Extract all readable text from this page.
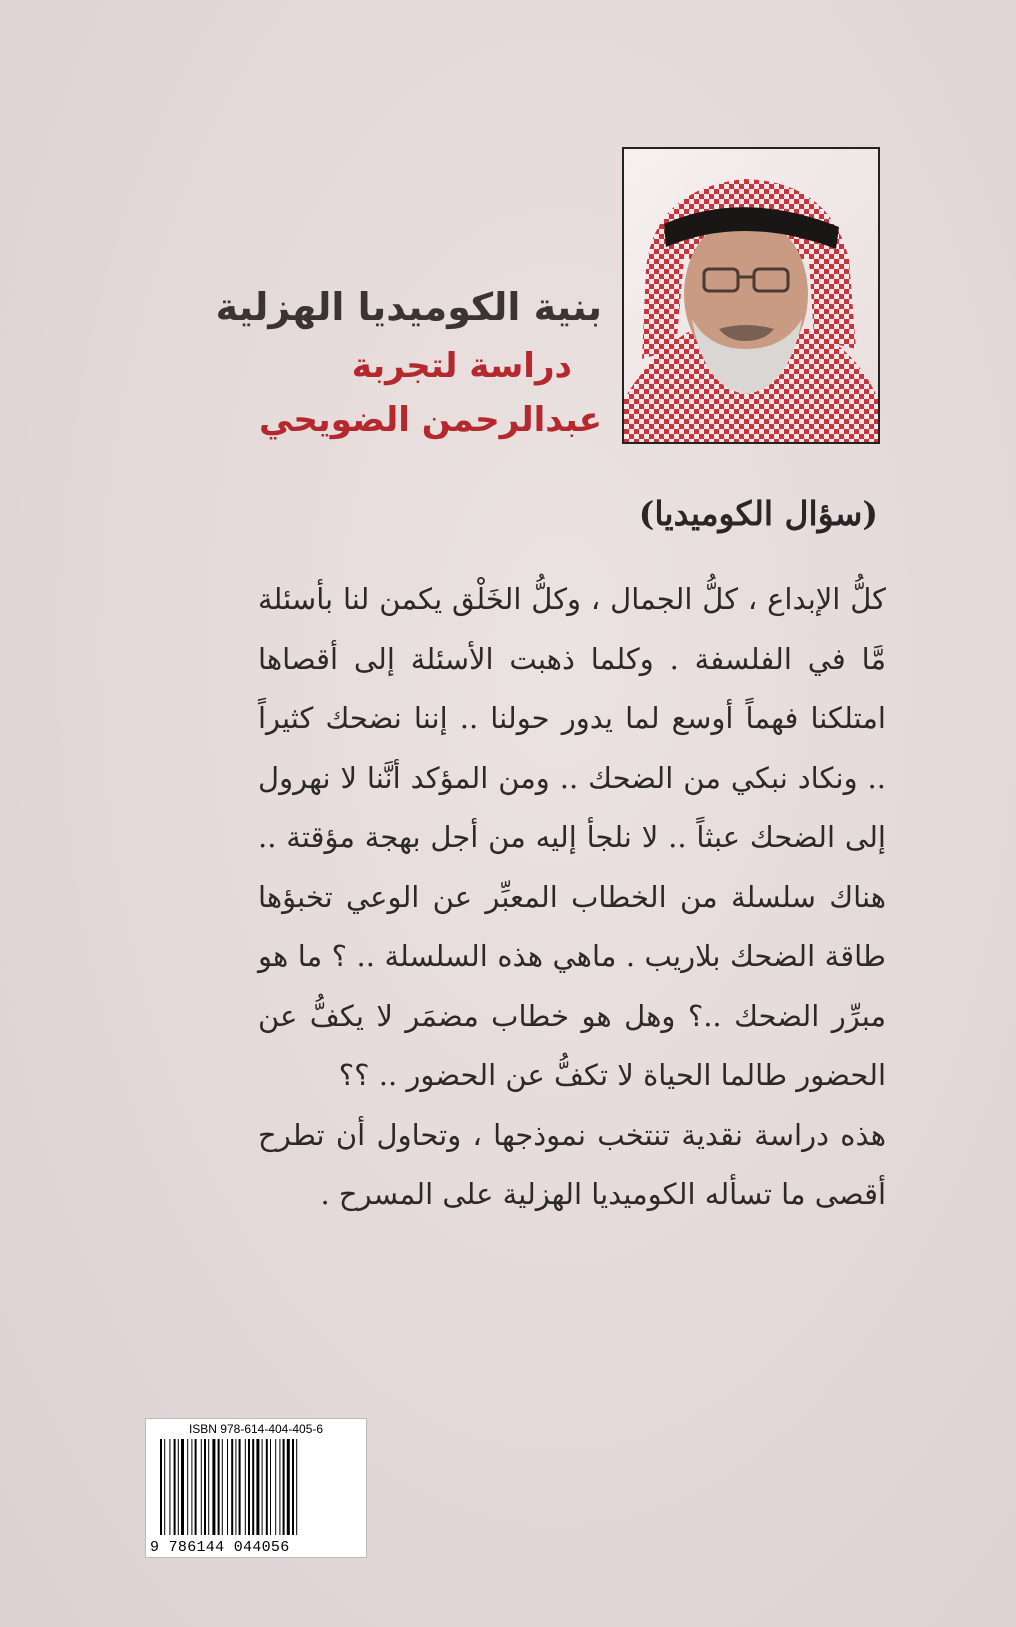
بنية الكوميديا الهزلية
دراسة لتجربة
عبدالرحمن الضويحي
(سؤال الكوميديا)

كلُّ الإبداع ، كلُّ الجمال ، وكلُّ الخَلْق يكمن لنا بأسئلة مَّا في الفلسفة . وكلما ذهبت الأسئلة إلى أقصاها امتلكنا فهماً أوسع لما يدور حولنا .. إننا نضحك كثيراً .. ونكاد نبكي من الضحك .. ومن المؤكد أنَّنا لا نهرول إلى الضحك عبثاً .. لا نلجأ إليه من أجل بهجة مؤقتة .. هناك سلسلة من الخطاب المعبِّر عن الوعي تخبؤها طاقة الضحك بلاريب . ماهي هذه السلسلة .. ؟ ما هو مبرِّر الضحك ..؟ وهل هو خطاب مضمَر لا يكفُّ عن الحضور طالما الحياة لا تكفُّ عن الحضور .. ؟؟

هذه دراسة نقدية تنتخب نموذجها ، وتحاول أن تطرح أقصى ما تسأله الكوميديا الهزلية على المسرح .

ISBN 978-614-404-405-6
9 786144 044056
